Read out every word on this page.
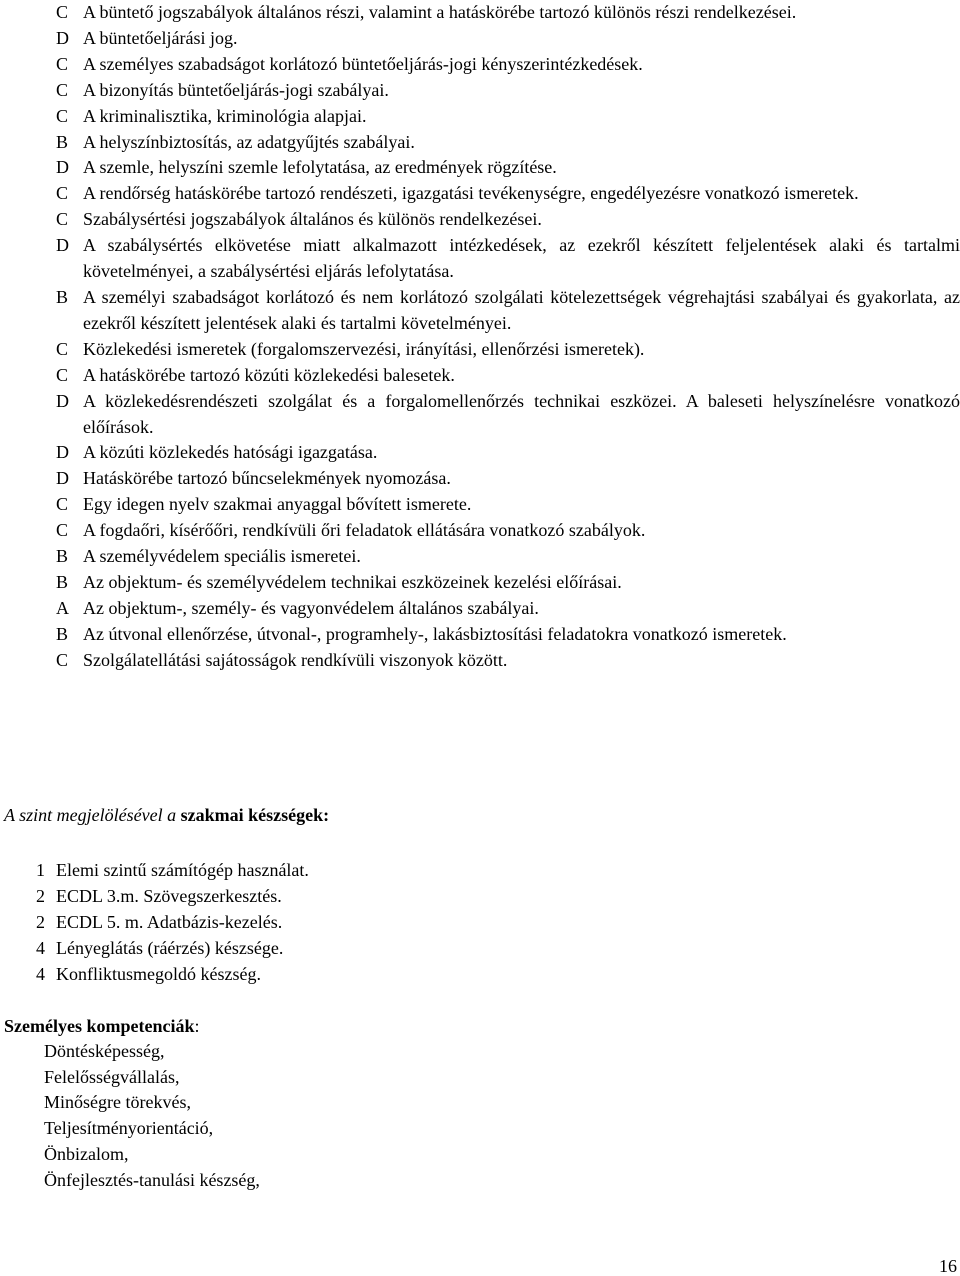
C A büntető jogszabályok általános részi, valamint a hatáskörébe tartozó különös részi rendelkezései.
D A büntetőeljárási jog.
C A személyes szabadságot korlátozó büntetőeljárás-jogi kényszerintézkedések.
C A bizonyítás büntetőeljárás-jogi szabályai.
C A kriminalisztika, kriminológia alapjai.
B A helyszínbiztosítás, az adatgyűjtés szabályai.
D A szemle, helyszíni szemle lefolytatása, az eredmények rögzítése.
C A rendőrség hatáskörébe tartozó rendészeti, igazgatási tevékenységre, engedélyezésre vonatkozó ismeretek.
C Szabálysértési jogszabályok általános és különös rendelkezései.
D A szabálysértés elkövetése miatt alkalmazott intézkedések, az ezekről készített feljelentések alaki és tartalmi követelményei, a szabálysértési eljárás lefolytatása.
B A személyi szabadságot korlátozó és nem korlátozó szolgálati kötelezettségek végrehajtási szabályai és gyakorlata, az ezekről készített jelentések alaki és tartalmi követelményei.
C Közlekedési ismeretek (forgalomszervezési, irányítási, ellenőrzési ismeretek).
C A hatáskörébe tartozó közúti közlekedési balesetek.
D A közlekedésrendészeti szolgálat és a forgalomellenőrzés technikai eszközei. A baleseti helyszínelésre vonatkozó előírások.
D A közúti közlekedés hatósági igazgatása.
D Hatáskörébe tartozó bűncselekmények nyomozása.
C Egy idegen nyelv szakmai anyaggal bővített ismerete.
C A fogdaőri, kísérőőri, rendkívüli őri feladatok ellátására vonatkozó szabályok.
B A személyvédelem speciális ismeretei.
B Az objektum- és személyvédelem technikai eszközeinek kezelési előírásai.
A Az objektum-, személy- és vagyonvédelem általános szabályai.
B Az útvonal ellenőrzése, útvonal-, programhely-, lakásbiztosítási feladatokra vonatkozó ismeretek.
C Szolgálatellátási sajátosságok rendkívüli viszonyok között.
A szint megjelölésével a szakmai készségek:
1 Elemi szintű számítógép használat.
2 ECDL 3.m. Szövegszerkesztés.
2 ECDL 5. m. Adatbázis-kezelés.
4 Lényeglátás (ráérzés) készsége.
4 Konfliktusmegoldó készség.
Személyes kompetenciák:
Döntésképesség,
Felelősségvállalás,
Minőségre törekvés,
Teljesítményorientáció,
Önbizalom,
Önfejlesztés-tanulási készség,
16
